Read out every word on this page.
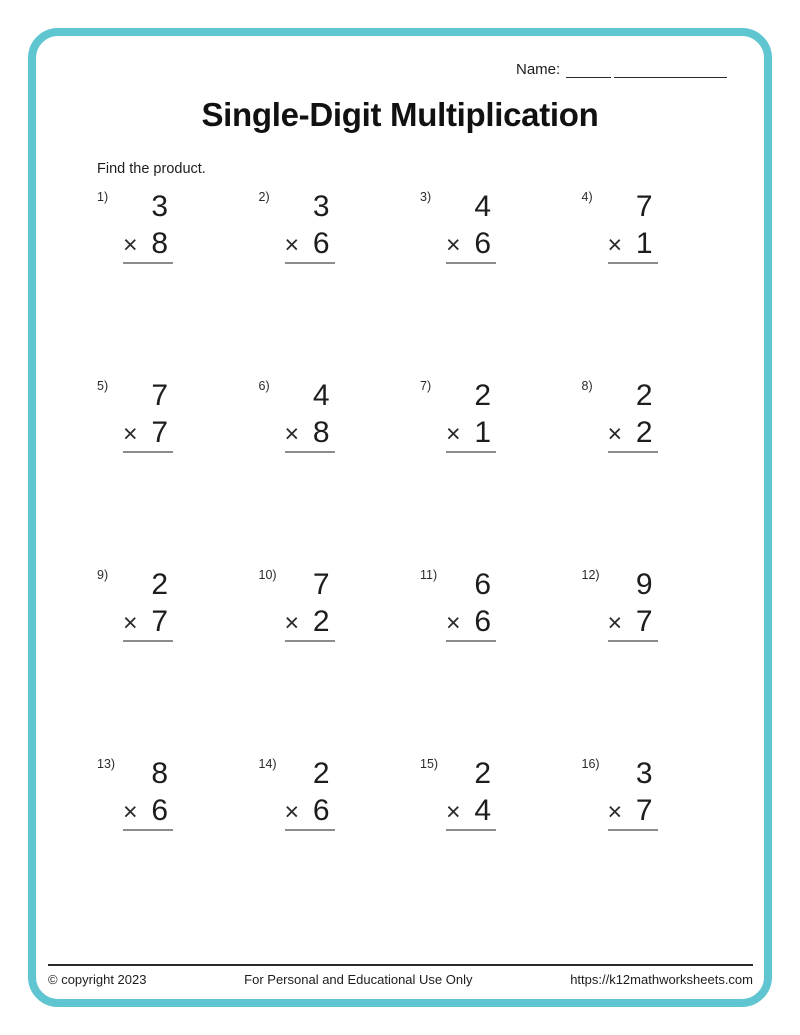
Name:
Single-Digit Multiplication
Find the product.
1)	3
× 8
2)	3
× 6
3)	4
× 6
4)	7
× 1
5)	7
× 7
6)	4
× 8
7)	2
× 1
8)	2
× 2
9)	2
× 7
10)	7
× 2
11)	6
× 6
12)	9
× 7
13)	8
× 6
14)	2
× 6
15)	2
× 4
16)	3
× 7
© copyright 2023	For Personal and Educational Use Only	https://k12mathworksheets.com
